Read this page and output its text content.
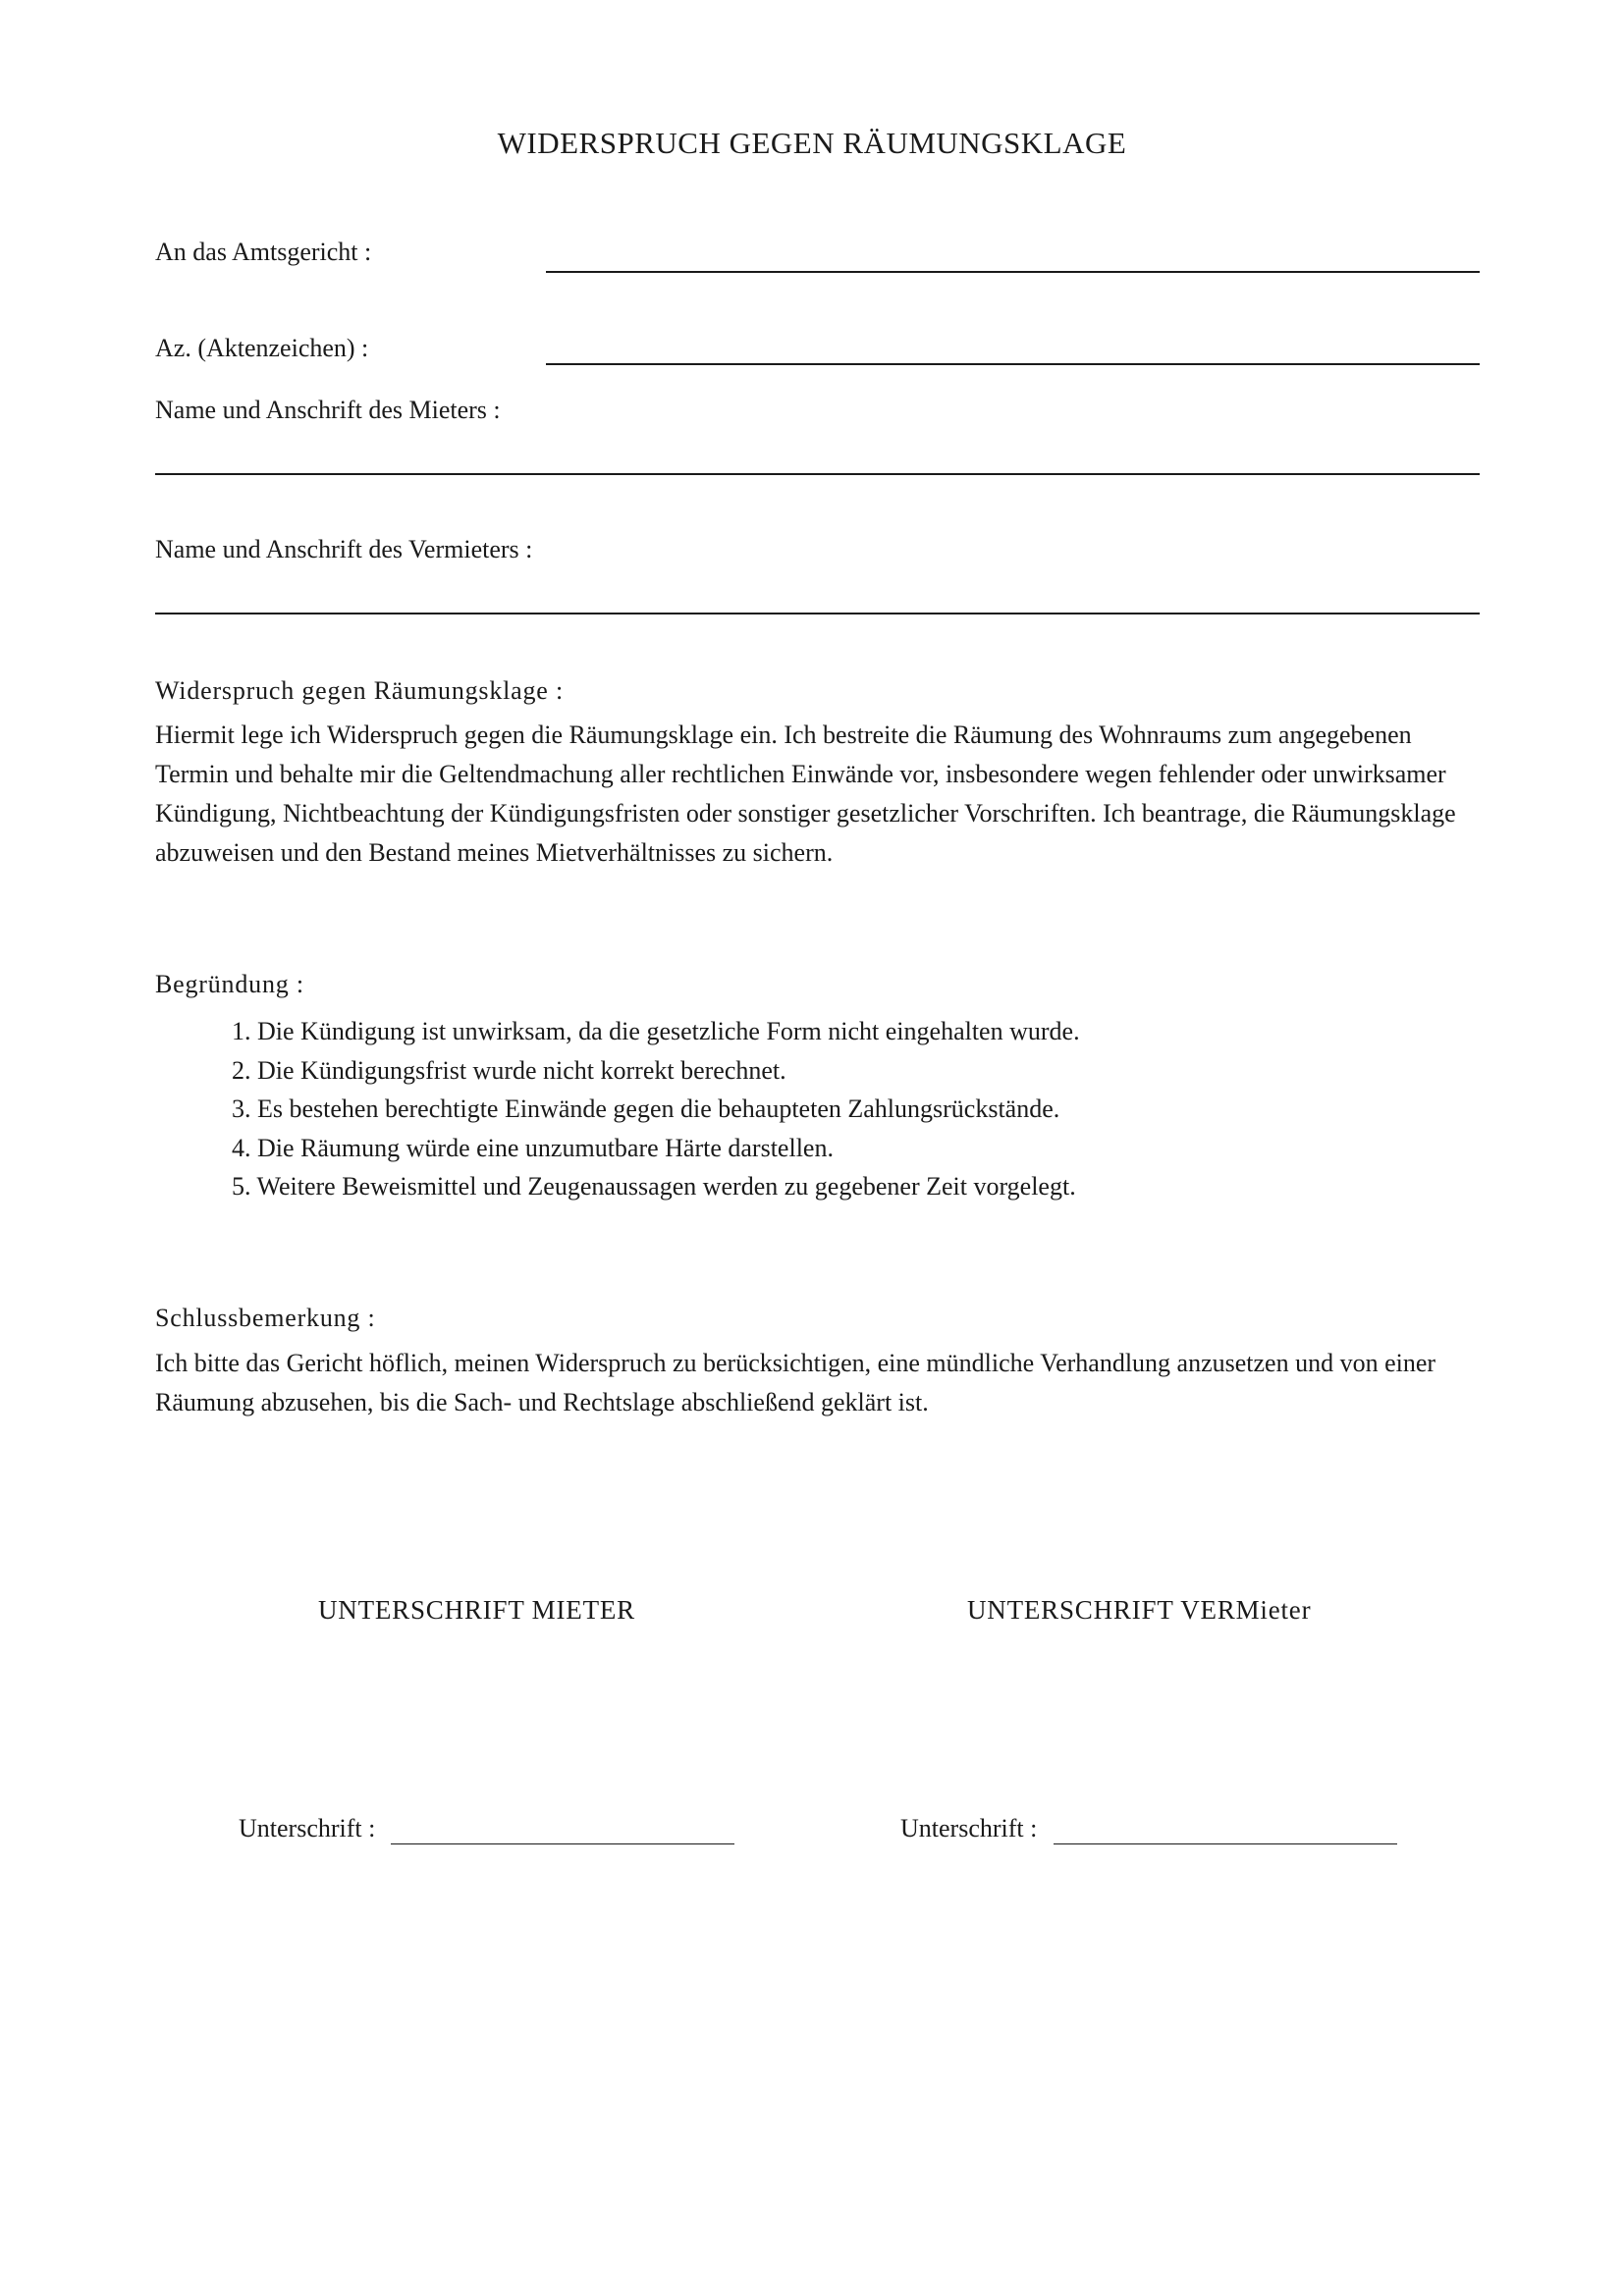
WIDERSPRUCH GEGEN RÄUMUNGSKLAGE
An das Amtsgericht :
Az. (Aktenzeichen) :
Name und Anschrift des Mieters :
Name und Anschrift des Vermieters :
Widerspruch gegen Räumungsklage :
Hiermit lege ich Widerspruch gegen die Räumungsklage ein. Ich bestreite die Räumung des Wohnraums zum angegebenen Termin und behalte mir die Geltendmachung aller rechtlichen Einwände vor, insbesondere wegen fehlender oder unwirksamer Kündigung, Nichtbeachtung der Kündigungsfristen oder sonstiger gesetzlicher Vorschriften. Ich beantrage, die Räumungsklage abzuweisen und den Bestand meines Mietverhältnisses zu sichern.
Begründung :
1. Die Kündigung ist unwirksam, da die gesetzliche Form nicht eingehalten wurde.
2. Die Kündigungsfrist wurde nicht korrekt berechnet.
3. Es bestehen berechtigte Einwände gegen die behaupteten Zahlungsrückstände.
4. Die Räumung würde eine unzumutbare Härte darstellen.
5. Weitere Beweismittel und Zeugenaussagen werden zu gegebener Zeit vorgelegt.
Schlussbemerkung :
Ich bitte das Gericht höflich, meinen Widerspruch zu berücksichtigen, eine mündliche Verhandlung anzusetzen und von einer Räumung abzusehen, bis die Sach- und Rechtslage abschließend geklärt ist.
UNTERSCHRIFT MIETER	UNTERSCHRIFT VERMieter
Unterschrift :	Unterschrift :
